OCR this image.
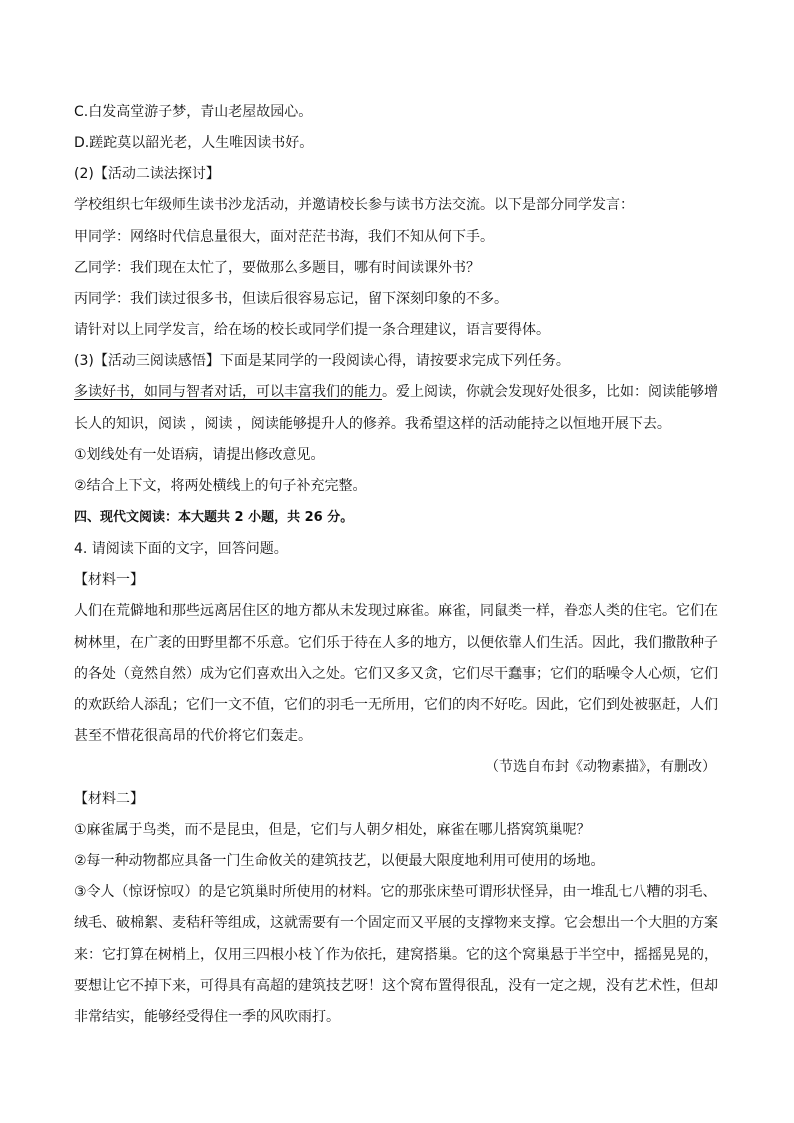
C.白发高堂游子梦，青山老屋故园心。
D.蹉跎莫以韶光老，人生唯因读书好。
(2)【活动二读法探讨】
学校组织七年级师生读书沙龙活动，并邀请校长参与读书方法交流。以下是部分同学发言：
甲同学：网络时代信息量很大，面对茫茫书海，我们不知从何下手。
乙同学：我们现在太忙了，要做那么多题目，哪有时间读课外书？
丙同学：我们读过很多书，但读后很容易忘记，留下深刻印象的不多。
请针对以上同学发言，给在场的校长或同学们提一条合理建议，语言要得体。
(3)【活动三阅读感悟】下面是某同学的一段阅读心得，请按要求完成下列任务。
多读好书，如同与智者对话，可以丰富我们的能力。爱上阅读，你就会发现好处很多，比如：阅读能够增
长人的知识，阅读 ，阅读 ，阅读能够提升人的修养。我希望这样的活动能持之以恒地开展下去。
①划线处有一处语病，请提出修改意见。
②结合上下文，将两处横线上的句子补充完整。
四、现代文阅读：本大题共 2 小题，共 26 分。
4. 请阅读下面的文字，回答问题。
【材料一】
人们在荒僻地和那些远离居住区的地方都从未发现过麻雀。麻雀，同鼠类一样，眷恋人类的住宅。它们在
树林里，在广袤的田野里都不乐意。它们乐于待在人多的地方，以便依靠人们生活。因此，我们撒散种子
的各处（竟然自然）成为它们喜欢出入之处。它们又多又贪，它们尽干蠢事；它们的聒噪令人心烦，它们
的欢跃给人添乱；它们一文不值，它们的羽毛一无所用，它们的肉不好吃。因此，它们到处被驱赶，人们
甚至不惜花很高昂的代价将它们轰走。
（节选自布封《动物素描》，有删改）
【材料二】
①麻雀属于鸟类，而不是昆虫，但是，它们与人朝夕相处，麻雀在哪儿搭窝筑巢呢？
②每一种动物都应具备一门生命攸关的建筑技艺，以便最大限度地利用可使用的场地。
③令人（惊讶惊叹）的是它筑巢时所使用的材料。它的那张床垫可谓形状怪异，由一堆乱七八糟的羽毛、
绒毛、破棉絮、麦秸秆等组成，这就需要有一个固定而又平展的支撑物来支撑。它会想出一个大胆的方案
来：它打算在树梢上，仅用三四根小枝丫作为依托，建窝搭巢。它的这个窝巢悬于半空中，摇摇晃晃的，
要想让它不掉下来，可得具有高超的建筑技艺呀！这个窝布置得很乱，没有一定之规，没有艺术性，但却
非常结实，能够经受得住一季的风吹雨打。
